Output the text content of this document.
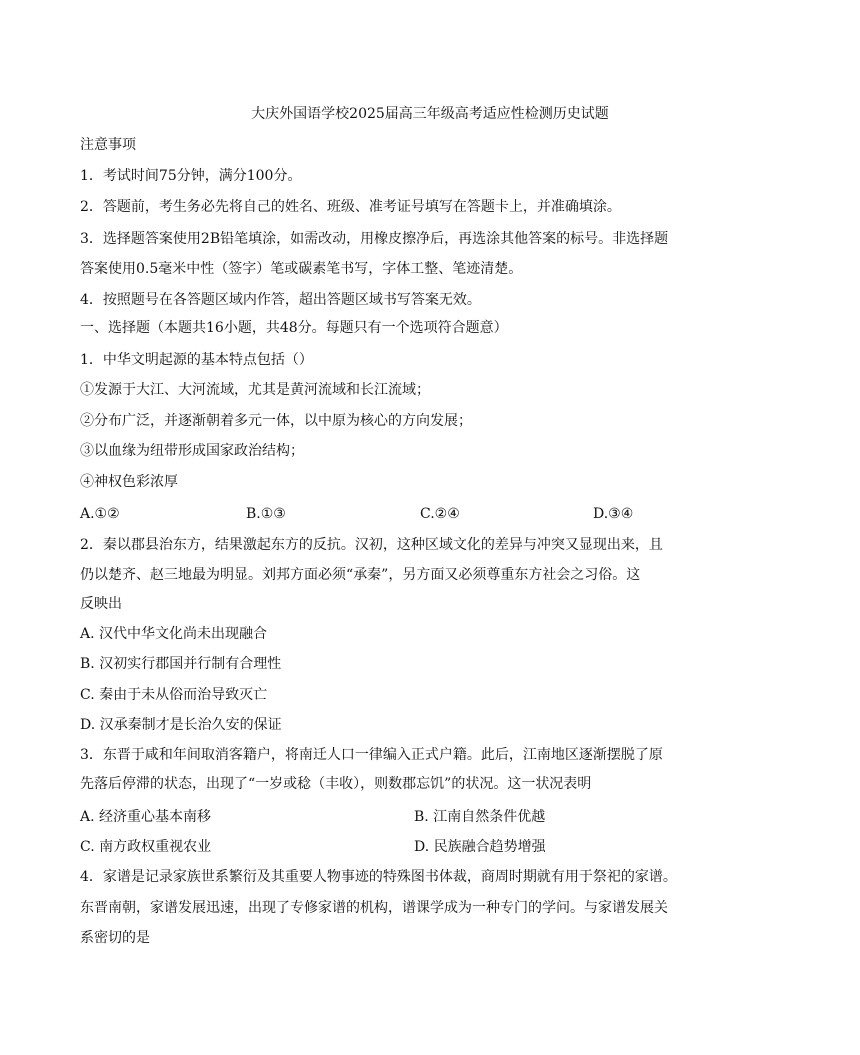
大庆外国语学校2025届高三年级高考适应性检测历史试题
注意事项
1．考试时间75分钟，满分100分。
2．答题前，考生务必先将自己的姓名、班级、准考证号填写在答题卡上，并准确填涂。
3．选择题答案使用2B铅笔填涂，如需改动，用橡皮擦净后，再选涂其他答案的标号。非选择题
答案使用0.5毫米中性（签字）笔或碳素笔书写，字体工整、笔迹清楚。
4．按照题号在各答题区域内作答，超出答题区域书写答案无效。
一、选择题（本题共16小题，共48分。每题只有一个选项符合题意）
1．中华文明起源的基本特点包括（）
①发源于大江、大河流域，尤其是黄河流域和长江流域；
②分布广泛，并逐渐朝着多元一体，以中原为核心的方向发展；
③以血缘为纽带形成国家政治结构；
④神权色彩浓厚
A.①②	B.①③	C.②④	D.③④
2．秦以郡县治东方，结果激起东方的反抗。汉初，这种区域文化的差异与冲突又显现出来，且
仍以楚齐、赵三地最为明显。刘邦方面必须“承秦”，另方面又必须尊重东方社会之习俗。这
反映出
A. 汉代中华文化尚未出现融合
B. 汉初实行郡国并行制有合理性
C. 秦由于未从俗而治导致灭亡
D. 汉承秦制才是长治久安的保证
3．东晋于咸和年间取消客籍户，将南迁人口一律编入正式户籍。此后，江南地区逐渐摆脱了原
先落后停滞的状态，出现了“一岁或稔（丰收），则数郡忘饥”的状况。这一状况表明
A. 经济重心基本南移	B. 江南自然条件优越
C. 南方政权重视农业	D. 民族融合趋势增强
4．家谱是记录家族世系繁衍及其重要人物事迹的特殊图书体裁，商周时期就有用于祭祀的家谱。
东晋南朝，家谱发展迅速，出现了专修家谱的机构，谱课学成为一种专门的学问。与家谱发展关
系密切的是
